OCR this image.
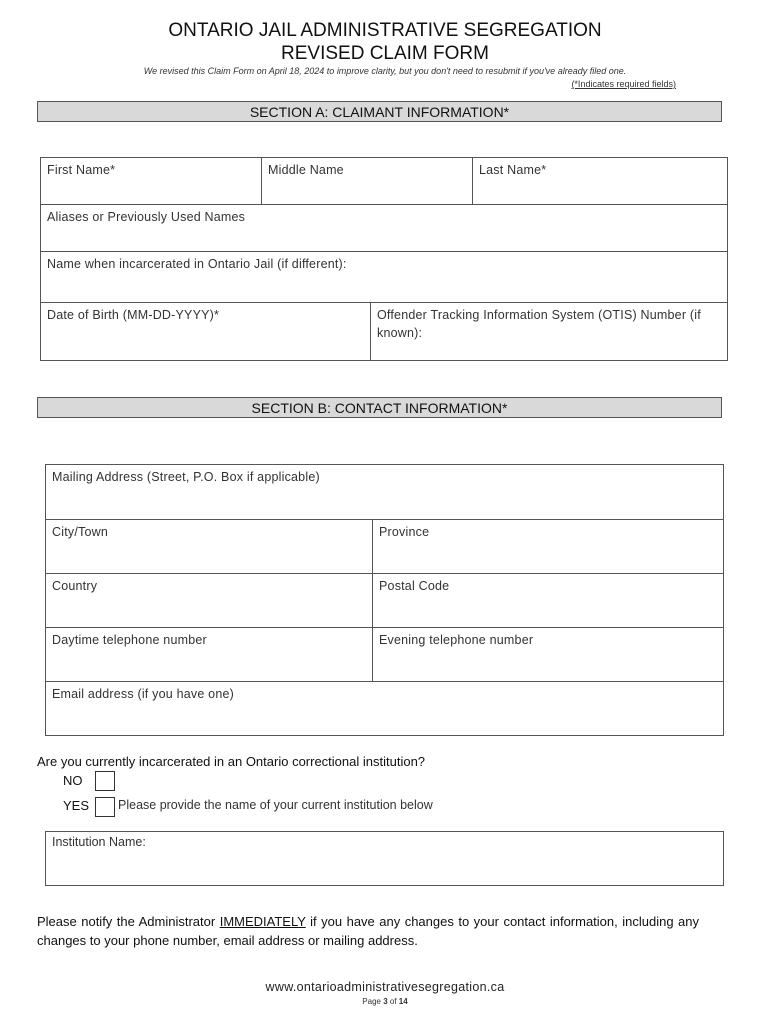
ONTARIO JAIL ADMINISTRATIVE SEGREGATION
REVISED CLAIM FORM
We revised this Claim Form on April 18, 2024 to improve clarity, but you don't need to resubmit if you've already filed one.
(*Indicates required fields)
SECTION A: CLAIMANT INFORMATION*
First Name*	Middle Name	Last Name*
Aliases or Previously Used Names
Name when incarcerated in Ontario Jail (if different):
Date of Birth (MM-DD-YYYY)*	Offender Tracking Information System (OTIS) Number (if known):
SECTION B: CONTACT INFORMATION*
Mailing Address (Street, P.O. Box if applicable)
City/Town	Province
Country	Postal Code
Daytime telephone number	Evening telephone number
Email address (if you have one)
Are you currently incarcerated in an Ontario correctional institution?
NO
YES Please provide the name of your current institution below
Institution Name:
Please notify the Administrator IMMEDIATELY if you have any changes to your contact information, including any changes to your phone number, email address or mailing address.
www.ontarioadministrativesegregation.ca
Page 3 of 14
